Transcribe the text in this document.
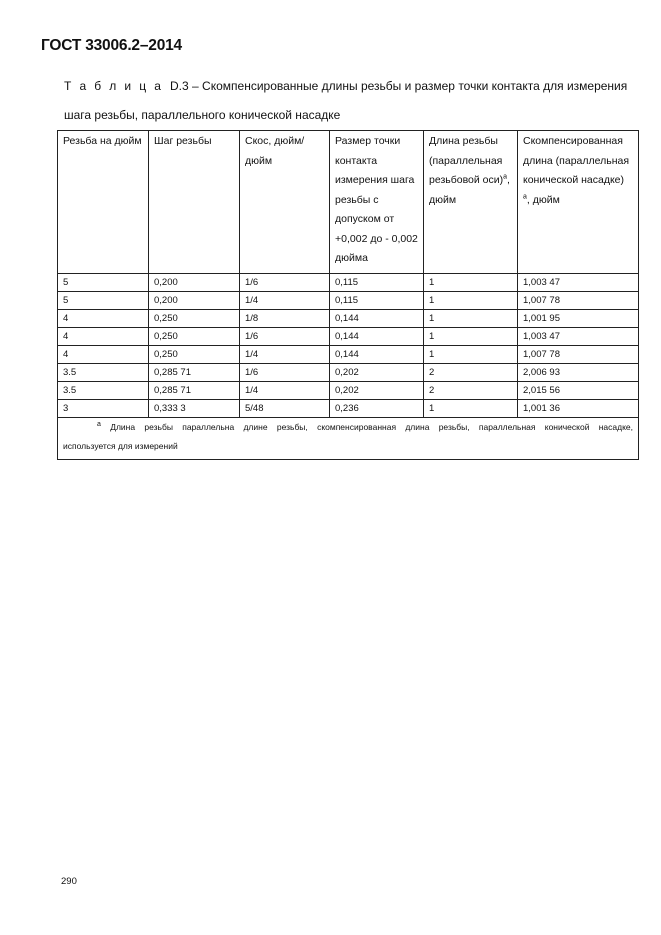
ГОСТ 33006.2–2014
Т а б л и ц а D.3 – Скомпенсированные длины резьбы и размер точки контакта для измерения
шага резьбы, параллельного конической насадке
Резьба на дюйм	Шаг резьбы	Скос, дюйм/ дюйм	Размер точки контакта измерения шага резьбы с допуском от +0,002 до - 0,002 дюйма	Длина резьбы (параллельная резьбовой оси)$^a$, дюйм	Скомпенсированная длина (параллельная конической насадке) $^a$, дюйм
5	0,200	1/6	0,115	1	1,003 47
5	0,200	1/4	0,115	1	1,007 78
4	0,250	1/8	0,144	1	1,001 95
4	0,250	1/6	0,144	1	1,003 47
4	0,250	1/4	0,144	1	1,007 78
3.5	0,285 71	1/6	0,202	2	2,006 93
3.5	0,285 71	1/4	0,202	2	2,015 56
3	0,333 3	5/48	0,236	1	1,001 36

$^a$ Длина резьбы параллельна длине резьбы, скомпенсированная длина резьбы, параллельная конической насадке,
используется для измерений					
290
